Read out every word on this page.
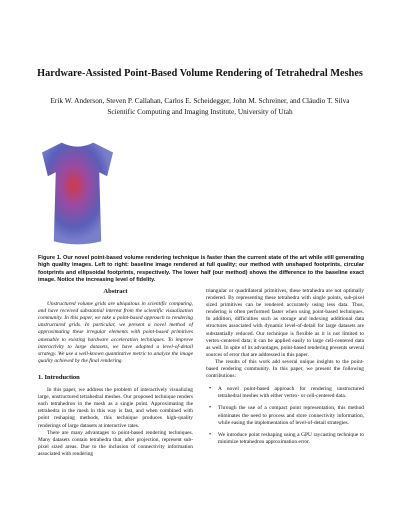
Hardware-Assisted Point-Based Volume Rendering of Tetrahedral Meshes
Erik W. Anderson, Steven P. Callahan, Carlos E. Scheidegger, John M. Schreiner, and Cláudio T. Silva
Scientific Computing and Imaging Institute, University of Utah
Figure 1. Our novel point-based volume rendering technique is faster than the current state of the art while still generating high quality images. Left to right: baseline image rendered at full quality; our method with unshaped footprints, circular footprints and ellipsoidal footprints, respectively. The lower half (our method) shows the difference to the baseline exact image. Notice the increasing level of fidelity.
Abstract

Unstructured volume grids are ubiquitous in scientific computing, and have received substantial interest from the scientific visualization community. In this paper, we take a point-based approach to rendering unstructured grids. In particular, we present a novel method of approximating these irregular elements with point-based primitives amenable to existing hardware acceleration techniques. To improve interactivity to large datasets, we have adopted a level-of-detail strategy. We use a well-known quantitative metric to analyze the image quality achieved by the final rendering.

1. Introduction

In this paper, we address the problem of interactively visualizing large, unstructured tetrahedral meshes. Our proposed technique renders each tetrahedron in the mesh as a single point. Approximating the tetrahedra in the mesh in this way is fast, and when combined with point reshaping methods, this technique produces high-quality renderings of large datasets at interactive rates.

There are many advantages to point-based rendering techniques. Many datasets contain tetrahedra that, after projection, represent sub-pixel sized areas. Due to the inclusion of connectivity information associated with rendering

triangular or quadrilateral primitives, these tetrahedra are not optimally rendered. By representing these tetrahedra with single points, sub-pixel sized primitives can be rendered accurately using less data. Thus, rendering is often performed faster when using point-based techniques. In addition, difficulties such as storage and indexing additional data structures associated with dynamic level-of-detail for large datasets are substantially reduced. Our technique is flexible as it is not limited to vertex-centered data; it can be applied easily to large cell-centered data as well. In spite of its advantages, point-based rendering presents several sources of error that are addressed in this paper.

The results of this work add several unique insights to the point-based rendering community. In this paper, we present the following contributions:

• A novel point-based approach for rendering unstructured tetrahedral meshes with either vertex- or cell-centered data.
• Through the use of a compact point representation, this method eliminates the need to process and store connectivity information, while easing the implementation of level-of-detail strategies.
• We introduce point reshaping using a GPU raycasting technique to minimize tetrahedron approximation error.
